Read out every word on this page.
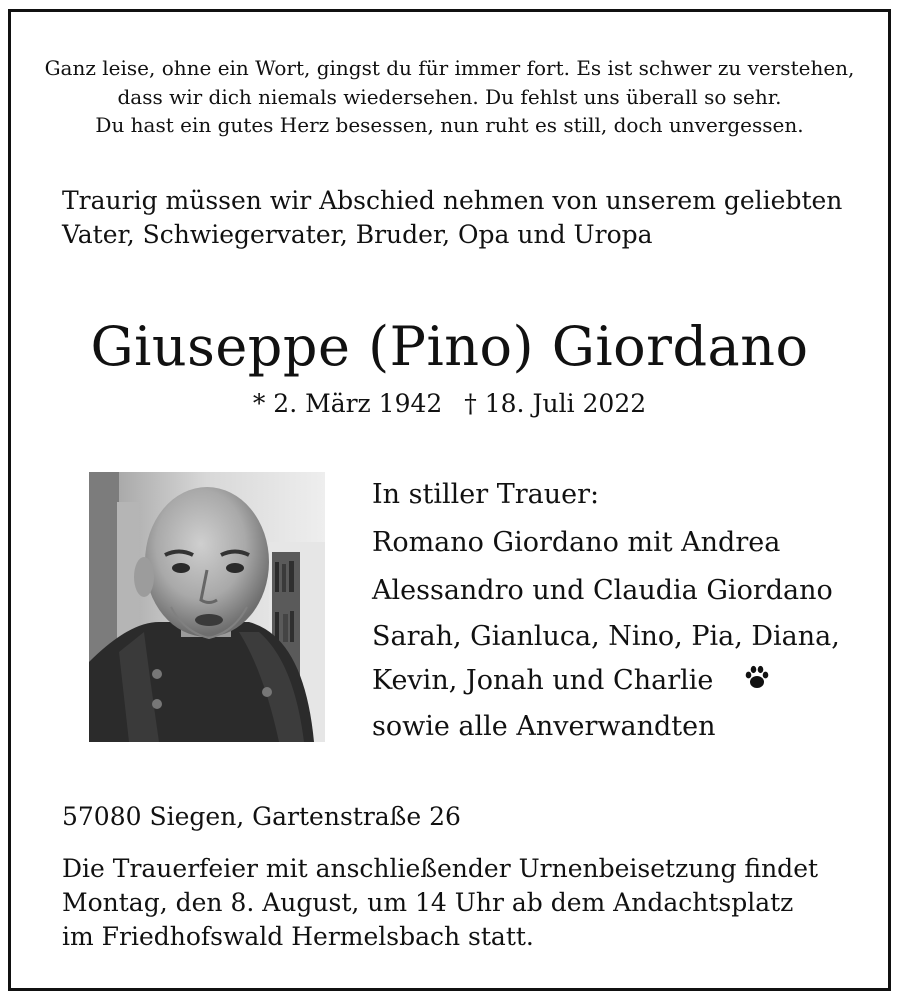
Ganz leise, ohne ein Wort, gingst du für immer fort. Es ist schwer zu verstehen,
dass wir dich niemals wiedersehen. Du fehlst uns überall so sehr.
Du hast ein gutes Herz besessen, nun ruht es still, doch unvergessen.
Traurig müssen wir Abschied nehmen von unserem geliebten
Vater, Schwiegervater, Bruder, Opa und Uropa
Giuseppe (Pino) Giordano
* 2. März 1942 † 18. Juli 2022
In stiller Trauer:
Romano Giordano mit Andrea
Alessandro und Claudia Giordano
Sarah, Gianluca, Nino, Pia, Diana,
Kevin, Jonah und Charlie
sowie alle Anverwandten
57080 Siegen, Gartenstraße 26
Die Trauerfeier mit anschließender Urnenbeisetzung findet
Montag, den 8. August, um 14 Uhr ab dem Andachtsplatz
im Friedhofswald Hermelsbach statt.
